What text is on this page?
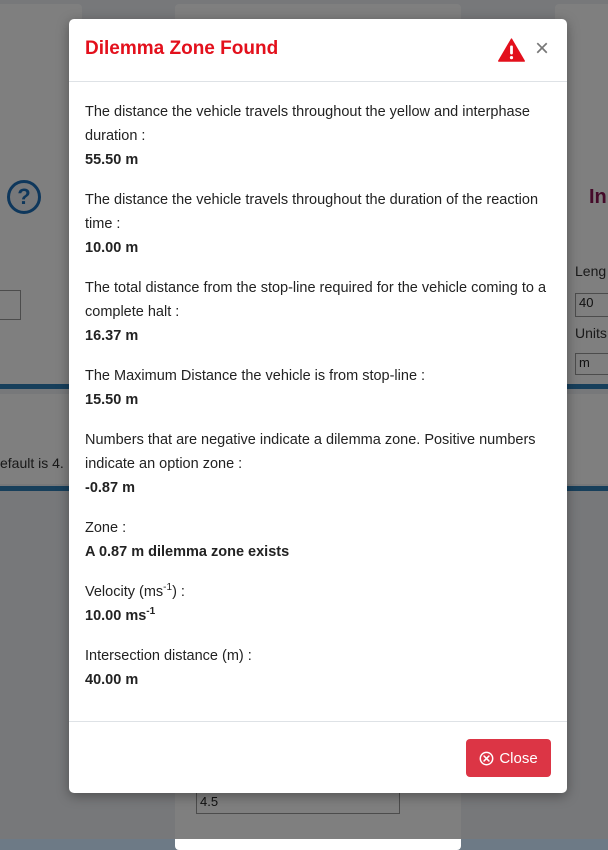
Dilemma Zone Found	×
The distance the vehicle travels throughout the yellow and interphase duration :
55.50 m
The distance the vehicle travels throughout the duration of the reaction time :
10.00 m
The total distance from the stop-line required for the vehicle coming to a complete halt :
16.37 m
The Maximum Distance the vehicle is from stop-line :
15.50 m
Numbers that are negative indicate a dilemma zone. Positive numbers indicate an option zone :
-0.87 m
Zone :
A 0.87 m dilemma zone exists
Velocity $(ms^{-1})$ :
10.00 $ms^{-1}$
Intersection distance (m) :
40.00 m
Close
